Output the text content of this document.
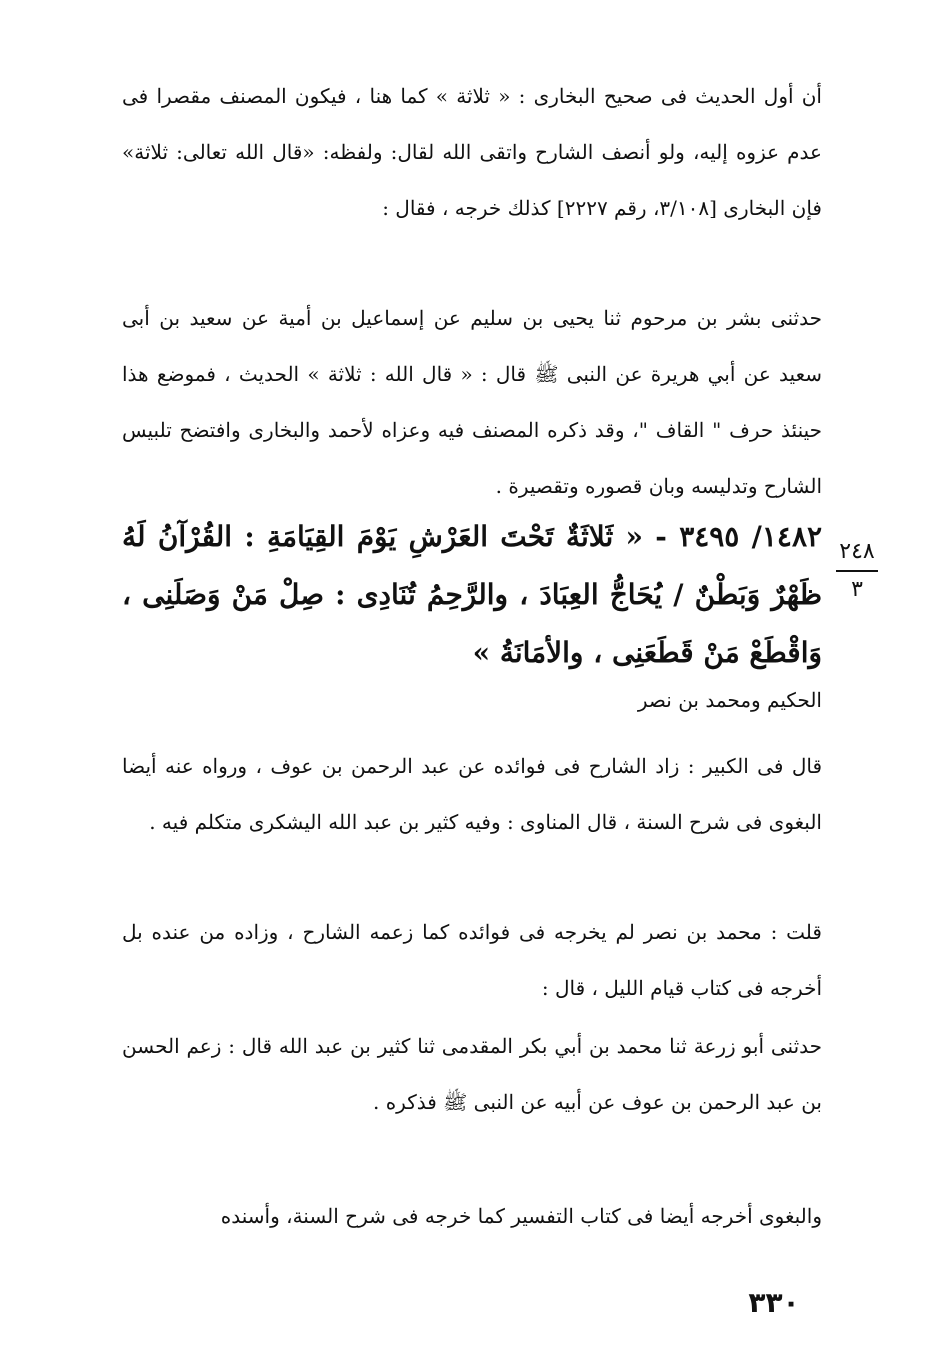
أن أول الحديث فى صحيح البخارى : « ثلاثة » كما هنا ، فيكون المصنف مقصرا فى عدم عزوه إليه، ولو أنصف الشارح واتقى الله لقال: ولفظه: «قال الله تعالى: ثلاثة» فإن البخارى [٣/١٠٨، رقم ٢٢٢٧] كذلك خرجه ، فقال :

حدثنى بشر بن مرحوم ثنا يحيى بن سليم عن إسماعيل بن أمية عن سعيد بن أبى سعيد عن أبي هريرة عن النبى ﷺ قال : « قال الله : ثلاثة » الحديث ، فموضع هذا حينئذ حرف " القاف "، وقد ذكره المصنف فيه وعزاه لأحمد والبخارى وافتضح تلبيس الشارح وتدليسه وبان قصوره وتقصيرة .

١٤٨٢/ ٣٤٩٥ - « ثَلاثَةٌ تَحْتَ العَرْشِ يَوْمَ القِيَامَةِ : القُرْآنُ لَهُ ظَهْرٌ وَبَطْنٌ / يُحَاجُّ العِبَادَ ، والرَّحِمُ تُنَادِى : صِلْ مَنْ وَصَلَنِى ، وَاقْطَعْ مَنْ قَطَعَنِى ، والأمَانَةُ »

٢٤٨
٣

الحكيم ومحمد بن نصر

قال فى الكبير : زاد الشارح فى فوائده عن عبد الرحمن بن عوف ، ورواه عنه أيضا البغوى فى شرح السنة ، قال المناوى : وفيه كثير بن عبد الله اليشكرى متكلم فيه .

قلت : محمد بن نصر لم يخرجه فى فوائده كما زعمه الشارح ، وزاده من عنده بل أخرجه فى كتاب قيام الليل ، قال :

حدثنى أبو زرعة ثنا محمد بن أبي بكر المقدمى ثنا كثير بن عبد الله قال : زعم الحسن بن عبد الرحمن بن عوف عن أبيه عن النبى ﷺ فذكره .

والبغوى أخرجه أيضا فى كتاب التفسير كما خرجه فى شرح السنة، وأسنده

٣٣٠
